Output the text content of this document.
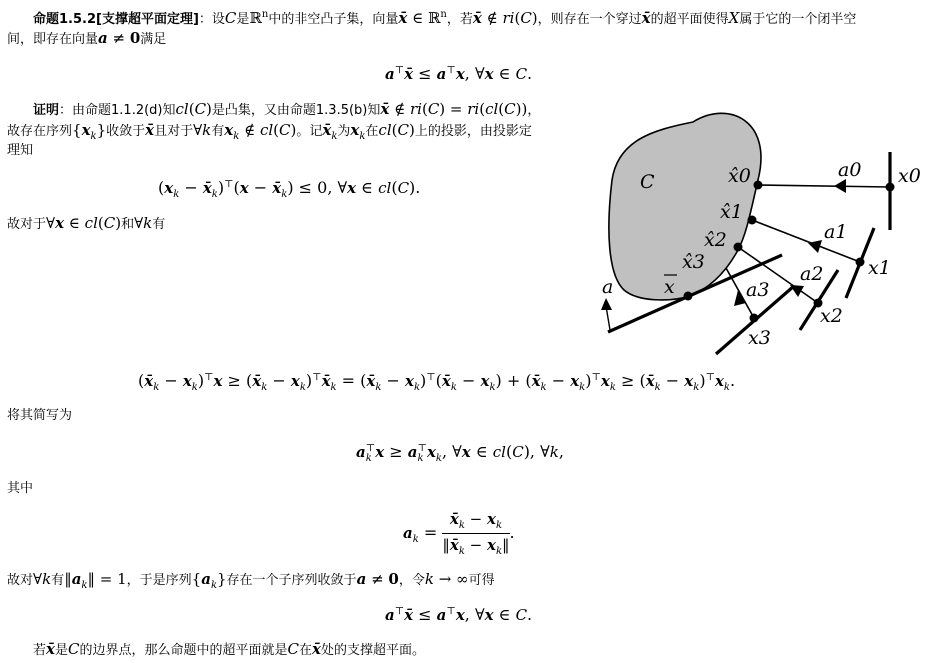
命题1.5.2[支撑超平面定理]：设C是ℝ$^n$中的非空凸子集，向量x̄ ∈ ℝ$^n$，若x̄ ∉ ri(C)，则存在一个穿过x̄的超平面使得X属于它的一个闭半空
间，即存在向量a ≠ 0满足
a⊤x̄ ≤ a⊤x, ∀x ∈ C.
证明：由命题1.1.2(d)知cl(C)是凸集，又由命题1.3.5(b)知x̄ ∉ ri(C) = ri(cl(C))，
故存在序列$\{x_k\}$收敛于x̄且对于∀k有$x_k$ ∉ cl(C)。记$x̄_k$为$x_k$在cl(C)上的投影，由投影定
理知
($x_k$ − $x̄_k)^⊤(x$ − $x̄_k) \le 0$, ∀x ∈ cl(C).
故对于∀x ∈ cl(C)和∀k有
C	x̂0	a0 x0
x̂1
a1
x1
x̂2
a2
x2
x̂3
a3
x3
x
a
$(x̄_k - x_k)^⊤x$ ≥ ($x̄_k$ − $x_k)^⊤x̄_k$ = ($x̄_k$ − $x_k)^⊤(x̄_k - x_k)$ + $(x̄_k - x_k)^⊤x_k$ ≥ $(x̄_k - x_k)^⊤x_k$.
将其简写为
$a_k^⊤x \ge a_k^⊤x_k$, ∀x ∈ cl(C), ∀k,
其中
$a_k = \frac{x̄_k - x_k}{‖x̄_k - x_k‖}$ .
故对∀k有$‖a_k‖ = 1$，于是序列$\{a_k\}$存在一个子序列收敛于a ≠ 0，令k → ∞可得
a⊤x̄ ≤ a⊤x, ∀x ∈ C.
若x̄是C的边界点，那么命题中的超平面就是C在x̄处的支撑超平面。
